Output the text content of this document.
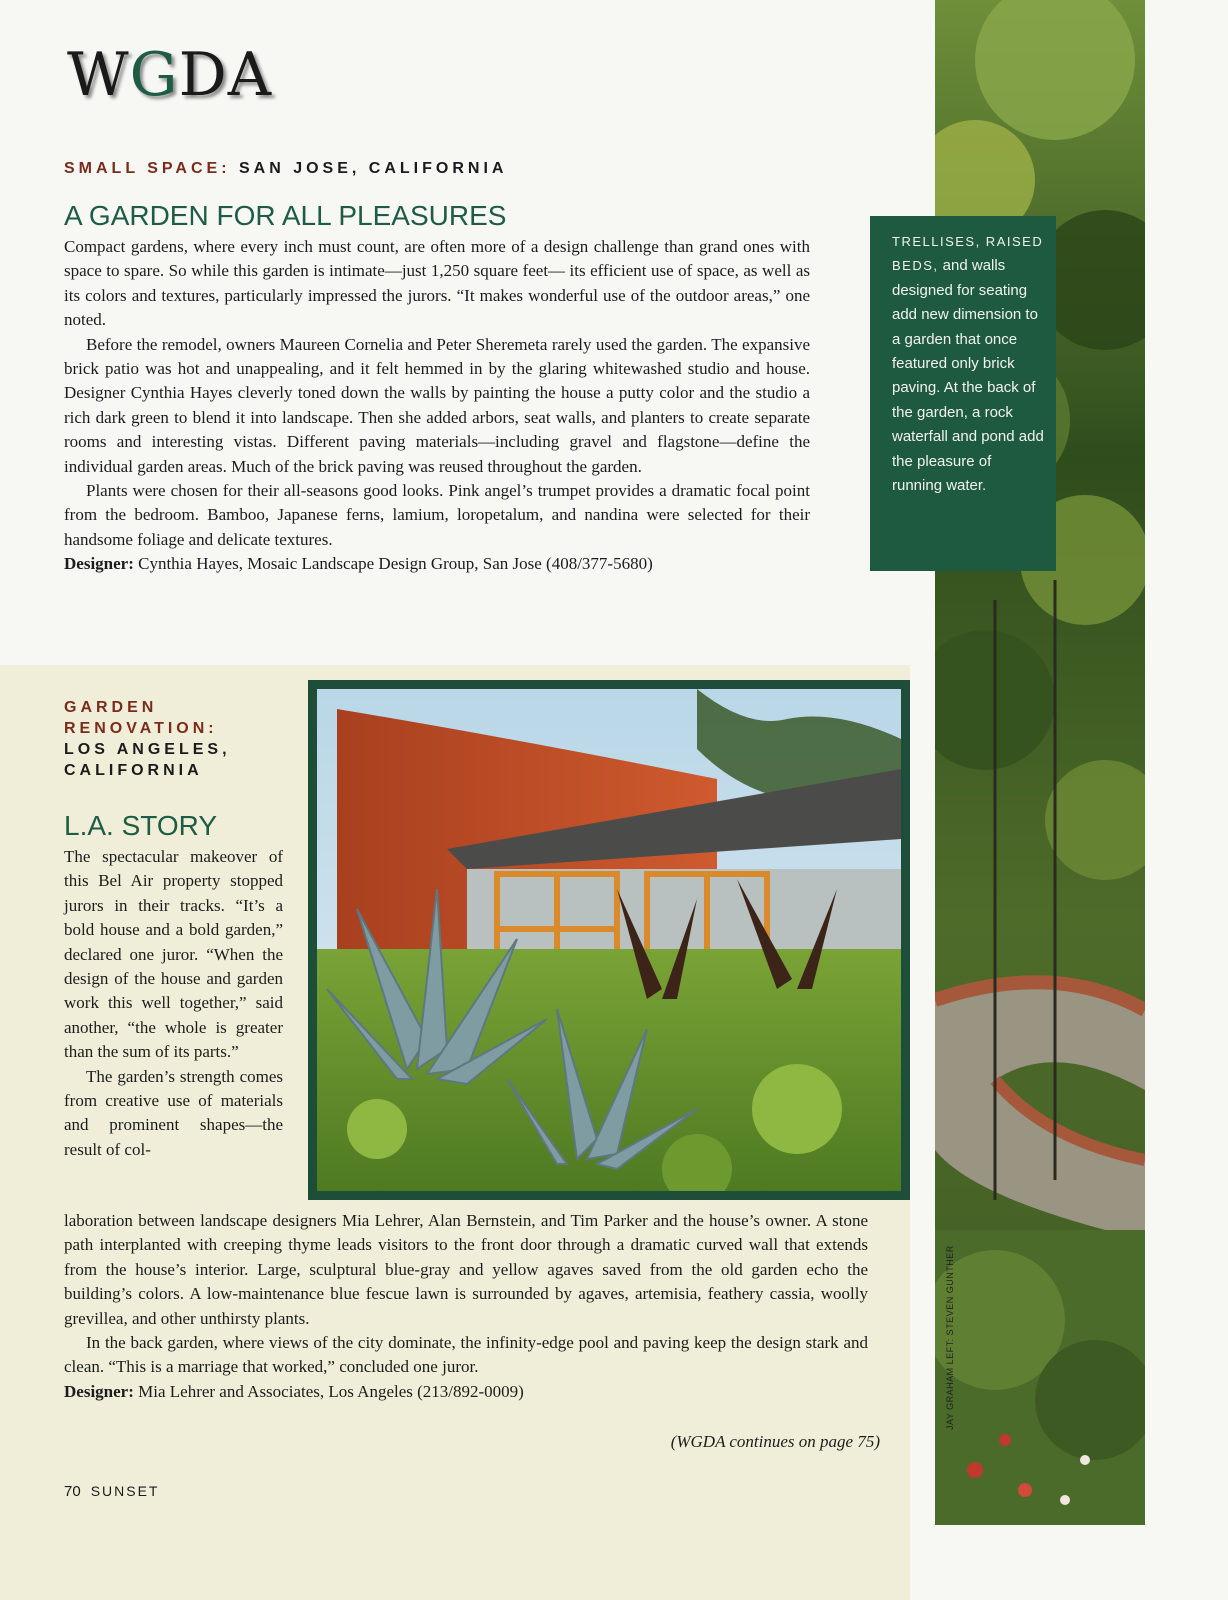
WGDA
SMALL SPACE: SAN JOSE, CALIFORNIA
A GARDEN FOR ALL PLEASURES

Compact gardens, where every inch must count, are often more of a design challenge than grand ones with space to spare. So while this garden is intimate—just 1,250 square feet— its efficient use of space, as well as its colors and textures, particularly impressed the jurors. “It makes wonderful use of the outdoor areas,” one noted.

Before the remodel, owners Maureen Cornelia and Peter Sheremeta rarely used the garden. The expansive brick patio was hot and unappealing, and it felt hemmed in by the glaring whitewashed studio and house. Designer Cynthia Hayes cleverly toned down the walls by painting the house a putty color and the studio a rich dark green to blend it into landscape. Then she added arbors, seat walls, and planters to create separate rooms and interesting vistas. Different paving materials—including gravel and flagstone—define the individual garden areas. Much of the brick paving was reused throughout the garden.

Plants were chosen for their all-seasons good looks. Pink angel’s trumpet provides a dramatic focal point from the bedroom. Bamboo, Japanese ferns, lamium, loropetalum, and nandina were selected for their handsome foliage and delicate textures.

Designer: Cynthia Hayes, Mosaic Landscape Design Group, San Jose (408/377-5680)

TRELLISES, RAISED BEDS, and walls designed for seating add new dimension to a garden that once featured only brick paving. At the back of the garden, a rock waterfall and pond add the pleasure of running water.
GARDEN
RENOVATION:
LOS ANGELES,
CALIFORNIA
L.A. STORY

The spectacular makeover of this Bel Air property stopped jurors in their tracks. “It’s a bold house and a bold garden,” declared one juror. “When the design of the house and garden work this well together,” said another, “the whole is greater than the sum of its parts.”

The garden’s strength comes from creative use of materials and prominent shapes—the result of col-

laboration between landscape designers Mia Lehrer, Alan Bernstein, and Tim Parker and the house’s owner. A stone path interplanted with creeping thyme leads visitors to the front door through a dramatic curved wall that extends from the house’s interior. Large, sculptural blue-gray and yellow agaves saved from the old garden echo the building’s colors. A low-maintenance blue fescue lawn is surrounded by agaves, artemisia, feathery cassia, woolly grevillea, and other unthirsty plants.

In the back garden, where views of the city dominate, the infinity-edge pool and paving keep the design stark and clean. “This is a marriage that worked,” concluded one juror.

Designer: Mia Lehrer and Associates, Los Angeles (213/892-0009)

(WGDA continues on page 75)
70 SUNSET
JAY GRAHAM LEFT: STEVEN GUNTHER
